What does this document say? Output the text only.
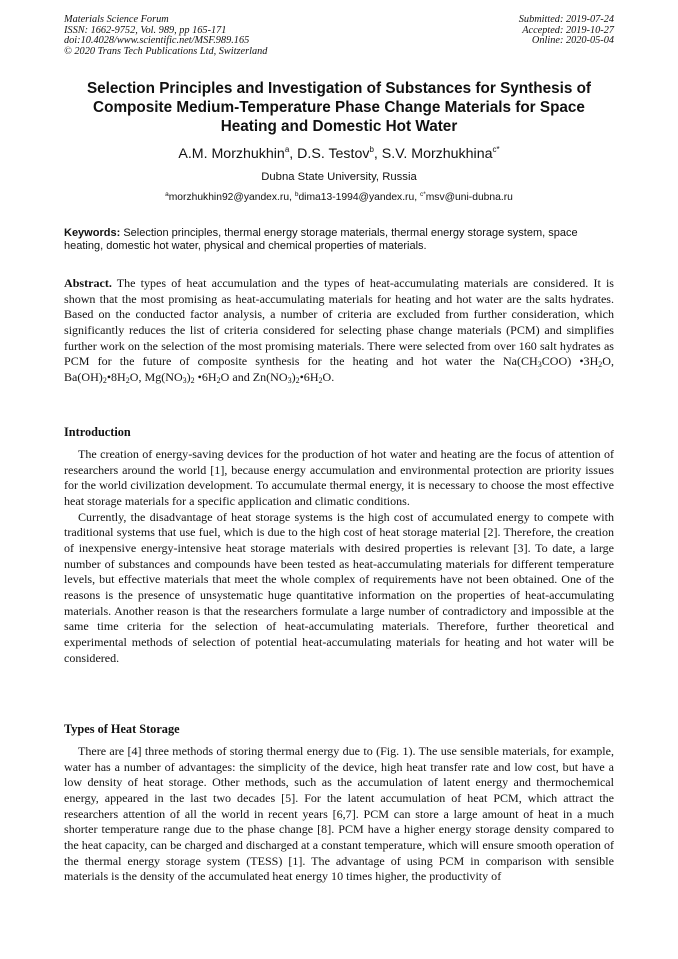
Materials Science Forum
ISSN: 1662-9752, Vol. 989, pp 165-171
doi:10.4028/www.scientific.net/MSF.989.165
© 2020 Trans Tech Publications Ltd, Switzerland
Submitted: 2019-07-24
Accepted: 2019-10-27
Online: 2020-05-04
Selection Principles and Investigation of Substances for Synthesis of
Composite Medium-Temperature Phase Change Materials for Space
Heating and Domestic Hot Water
A.M. Morzhukhin$^a$, D.S. Testov$^b$, S.V. Morzhukhina$^{c*}$
Dubna State University, Russia
$^a$morzhukhin92@yandex.ru, $^b$dima13-1994@yandex.ru, $^{c*}$msv@uni-dubna.ru
Keywords: Selection principles, thermal energy storage materials, thermal energy storage system, space heating, domestic hot water, physical and chemical properties of materials.

Abstract. The types of heat accumulation and the types of heat-accumulating materials are considered. It is shown that the most promising as heat-accumulating materials for heating and hot water are the salts hydrates. Based on the conducted factor analysis, a number of criteria are excluded from further consideration, which significantly reduces the list of criteria considered for selecting phase change materials (PCM) and simplifies further work on the selection of the most promising materials. There were selected from over 160 salt hydrates as PCM for the future of composite synthesis for the heating and hot water the $Na(CH_3COO)$ $•3H_2O$, $Ba(OH)_2•8H_2O$, $Mg(NO_3)_2$ $•6H_2O$ and $Zn(NO_3)_2•6H_2O$.

Introduction

The creation of energy-saving devices for the production of hot water and heating are the focus of attention of researchers around the world [1], because energy accumulation and environmental protection are priority issues for the world civilization development. To accumulate thermal energy, it is necessary to choose the most effective heat storage materials for a specific application and climatic conditions.

Currently, the disadvantage of heat storage systems is the high cost of accumulated energy to compete with traditional systems that use fuel, which is due to the high cost of heat storage material [2]. Therefore, the creation of inexpensive energy-intensive heat storage materials with desired properties is relevant [3]. To date, a large number of substances and compounds have been tested as heat-accumulating materials for different temperature levels, but effective materials that meet the whole complex of requirements have not been obtained. One of the reasons is the presence of unsystematic huge quantitative information on the properties of heat-accumulating materials. Another reason is that the researchers formulate a large number of contradictory and impossible at the same time criteria for the selection of heat-accumulating materials. Therefore, further theoretical and experimental methods of selection of potential heat-accumulating materials for heating and hot water will be considered.

Types of Heat Storage

There are [4] three methods of storing thermal energy due to (Fig. 1). The use sensible materials, for example, water has a number of advantages: the simplicity of the device, high heat transfer rate and low cost, but have a low density of heat storage. Other methods, such as the accumulation of latent energy and thermochemical energy, appeared in the last two decades [5]. For the latent accumulation of heat PCM, which attract the researchers attention of all the world in recent years [6,7]. PCM can store a large amount of heat in a much shorter temperature range due to the phase change [8]. PCM have a higher energy storage density compared to the heat capacity, can be charged and discharged at a constant temperature, which will ensure smooth operation of the thermal energy storage system (TESS) [1]. The advantage of using PCM in comparison with sensible materials is the density of the accumulated heat energy 10 times higher, the productivity of
